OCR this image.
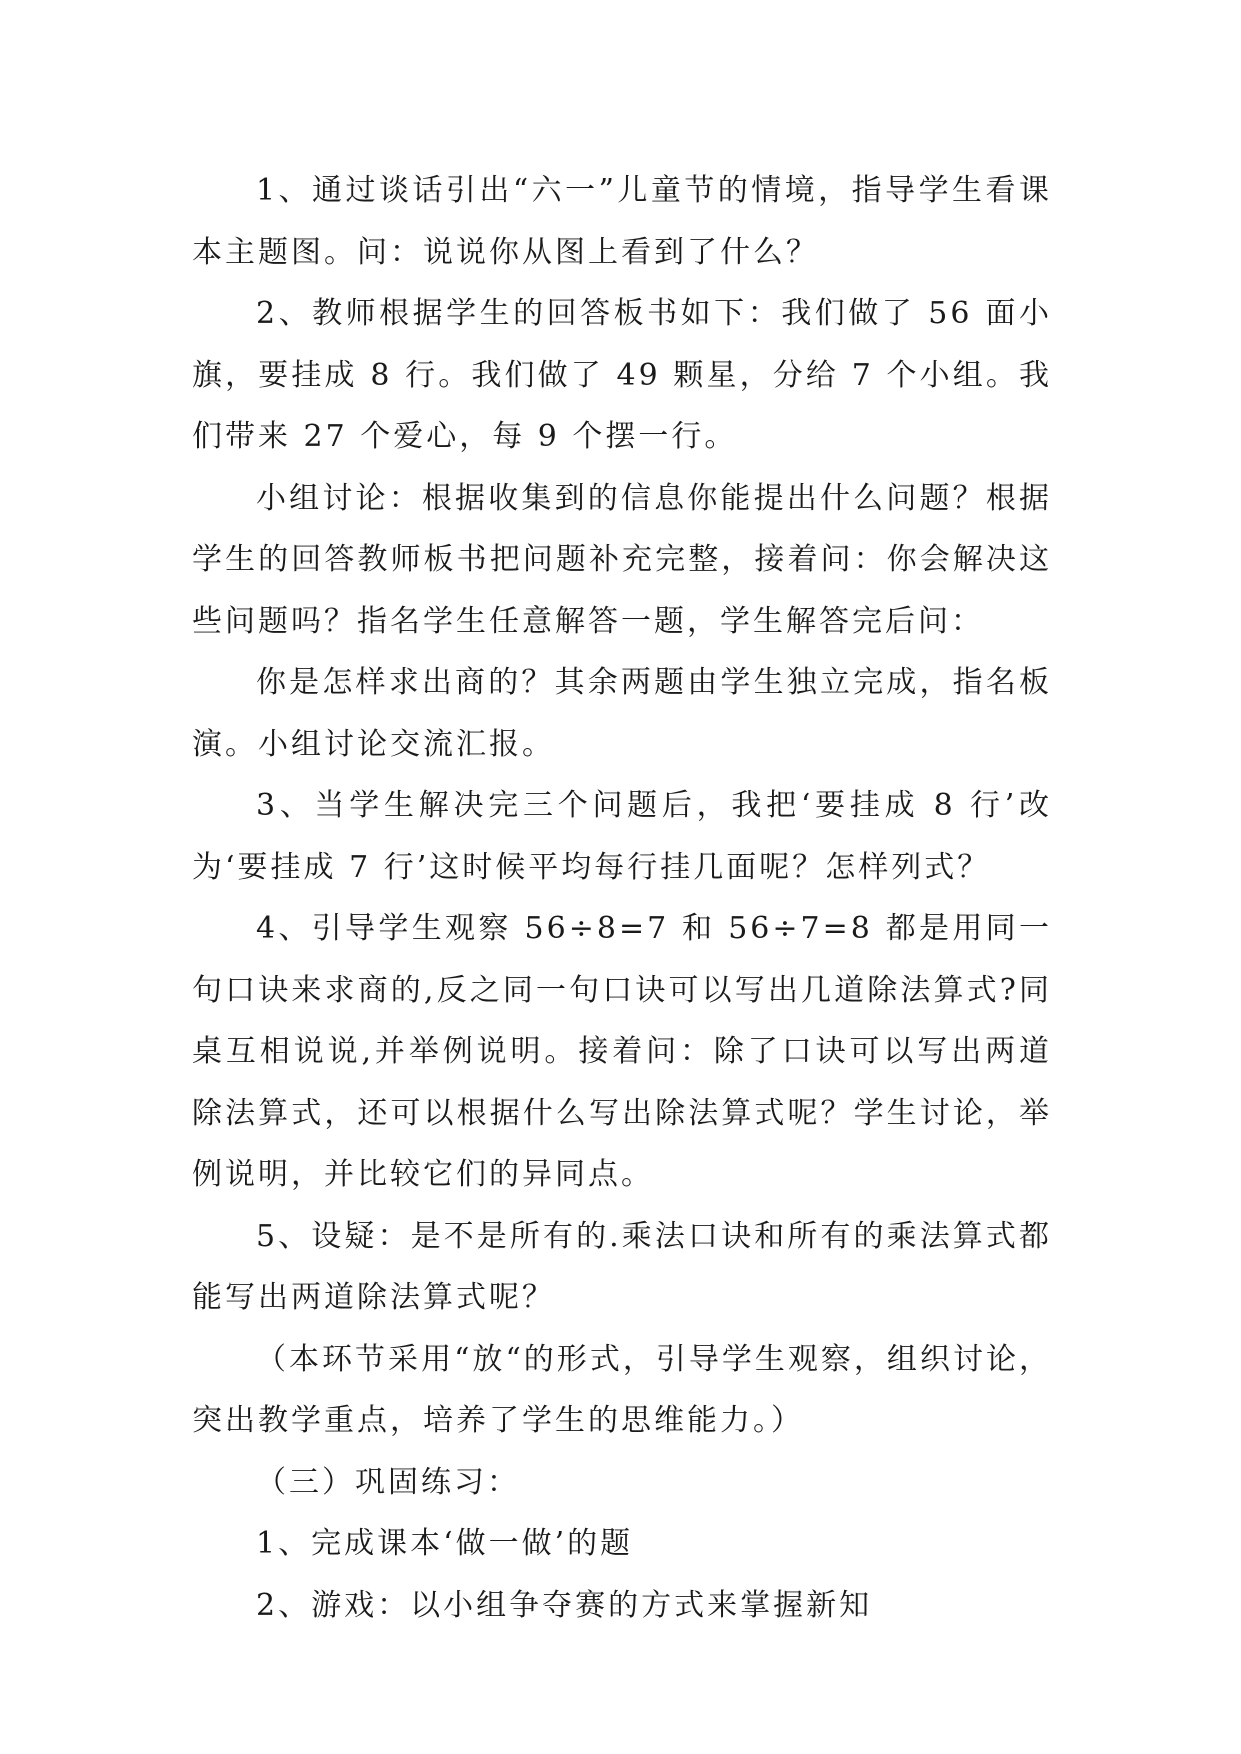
1、通过谈话引出“六一”儿童节的情境，指导学生看课本主题图。问：说说你从图上看到了什么？

2、教师根据学生的回答板书如下：我们做了 56 面小旗，要挂成 8 行。我们做了 49 颗星，分给 7 个小组。我们带来 27 个爱心，每 9 个摆一行。

小组讨论：根据收集到的信息你能提出什么问题？根据学生的回答教师板书把问题补充完整，接着问：你会解决这些问题吗？指名学生任意解答一题，学生解答完后问：

你是怎样求出商的？其余两题由学生独立完成，指名板演。小组讨论交流汇报。

3、当学生解决完三个问题后，我把‘要挂成 8 行’改为‘要挂成 7 行’这时候平均每行挂几面呢？怎样列式？

4、引导学生观察 56÷8=7 和 56÷7=8 都是用同一句口诀来求商的,反之同一句口诀可以写出几道除法算式?同桌互相说说,并举例说明。接着问：除了口诀可以写出两道除法算式，还可以根据什么写出除法算式呢？学生讨论，举例说明，并比较它们的异同点。

5、设疑：是不是所有的.乘法口诀和所有的乘法算式都能写出两道除法算式呢？

（本环节采用“放“的形式，引导学生观察，组织讨论，突出教学重点，培养了学生的思维能力。）

（三）巩固练习：

1、完成课本‘做一做’的题

2、游戏：以小组争夺赛的方式来掌握新知
